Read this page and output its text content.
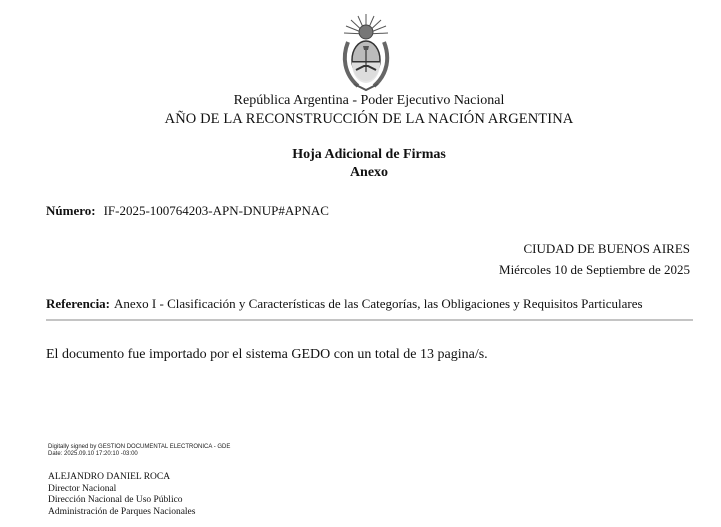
República Argentina - Poder Ejecutivo Nacional
AÑO DE LA RECONSTRUCCIÓN DE LA NACIÓN ARGENTINA
Hoja Adicional de Firmas
Anexo
Número: IF-2025-100764203-APN-DNUP#APNAC
CIUDAD DE BUENOS AIRES
Miércoles 10 de Septiembre de 2025
Referencia: Anexo I - Clasificación y Características de las Categorías, las Obligaciones y Requisitos Particulares
El documento fue importado por el sistema GEDO con un total de 13 pagina/s.
Digitally signed by GESTION DOCUMENTAL ELECTRONICA - GDE
Date: 2025.09.10 17:20:10 -03:00
ALEJANDRO DANIEL ROCA
Director Nacional
Dirección Nacional de Uso Público
Administración de Parques Nacionales
